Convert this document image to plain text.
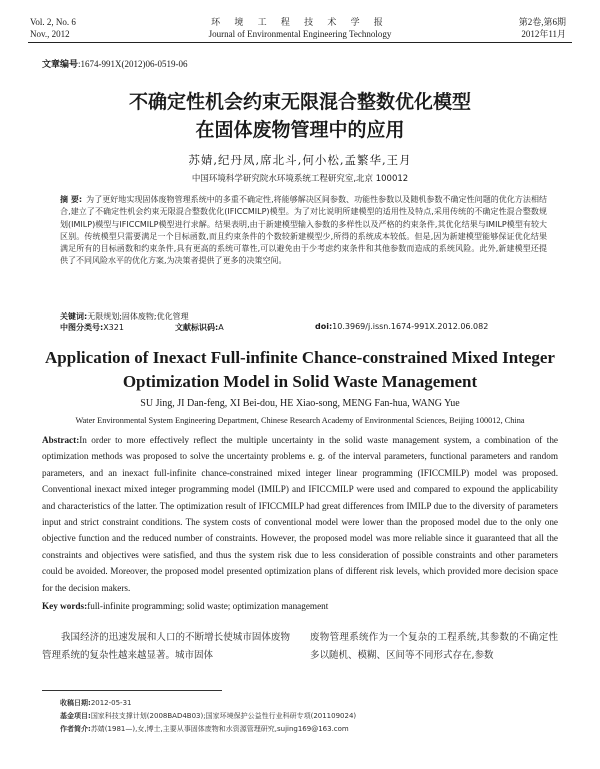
Vol. 2, No. 6
Nov., 2012
环 境 工 程 技 术 学 报
Journal of Environmental Engineering Technology
第2卷,第6期
2012年11月
文章编号:1674-991X(2012)06-0519-06
不确定性机会约束无限混合整数优化模型
在固体废物管理中的应用
苏婧,纪丹凤,席北斗,何小松,孟繁华,王月
中国环境科学研究院水环境系统工程研究室,北京 100012
摘 要: 为了更好地实现固体废物管理系统中的多重不确定性,将能够解决区间参数、功能性参数以及随机参数不确定性问题的优化方法相结合,建立了不确定性机会约束无限混合整数优化(IFICCMILP)模型。为了对比说明所建模型的适用性及特点,采用传统的不确定性混合整数规划(IMILP)模型与IFICCMILP模型进行求解。结果表明,由于新建模型输入参数的多样性以及严格的约束条件,其优化结果与IMILP模型有较大区别。传统模型只需要满足一个目标函数,而且约束条件的个数较新建模型少,所得的系统成本较低。但是,因为新建模型能够保证优化结果满足所有的目标函数和约束条件,具有更高的系统可靠性,可以避免由于少考虑约束条件和其他参数而造成的系统风险。此外,新建模型还提供了不同风险水平的优化方案,为决策者提供了更多的决策空间。
关键词:无限规划;固体废物;优化管理
中图分类号:X321	文献标识码:A	doi:10.3969/j.issn.1674-991X.2012.06.082
Application of Inexact Full-infinite Chance-constrained Mixed Integer
Optimization Model in Solid Waste Management
SU Jing, JI Dan-feng, XI Bei-dou, HE Xiao-song, MENG Fan-hua, WANG Yue
Water Environmental System Engineering Department, Chinese Research Academy of Environmental Sciences, Beijing 100012, China
Abstract:In order to more effectively reflect the multiple uncertainty in the solid waste management system, a combination of the optimization methods was proposed to solve the uncertainty problems e. g. of the interval parameters, functional parameters and random parameters, and an inexact full-infinite chance-constrained mixed integer linear programming (IFICCMILP) model was proposed. Conventional inexact mixed integer programming model (IMILP) and IFICCMILP were used and compared to expound the applicability and characteristics of the latter. The optimization result of IFICCMILP had great differences from IMILP due to the diversity of parameters input and strict constraint conditions. The system costs of conventional model were lower than the proposed model due to the only one objective function and the reduced number of constraints. However, the proposed model was more reliable since it guaranteed that all the constraints and objectives were satisfied, and thus the system risk due to less consideration of possible constraints and other parameters could be avoided. Moreover, the proposed model presented optimization plans of different risk levels, which provided more decision space for the decision makers.
Key words:full-infinite programming; solid waste; optimization management
我国经济的迅速发展和人口的不断增长使城市固体废物管理系统的复杂性越来越显著。城市固体
废物管理系统作为一个复杂的工程系统,其参数的不确定性多以随机、模糊、区间等不同形式存在,参数
收稿日期:2012-05-31
基金项目:国家科技支撑计划(2008BAD4B03);国家环境保护公益性行业科研专项(201109024)
作者简介:苏婧(1981—),女,博士,主要从事固体废物和水资源管理研究,sujing169@163.com
